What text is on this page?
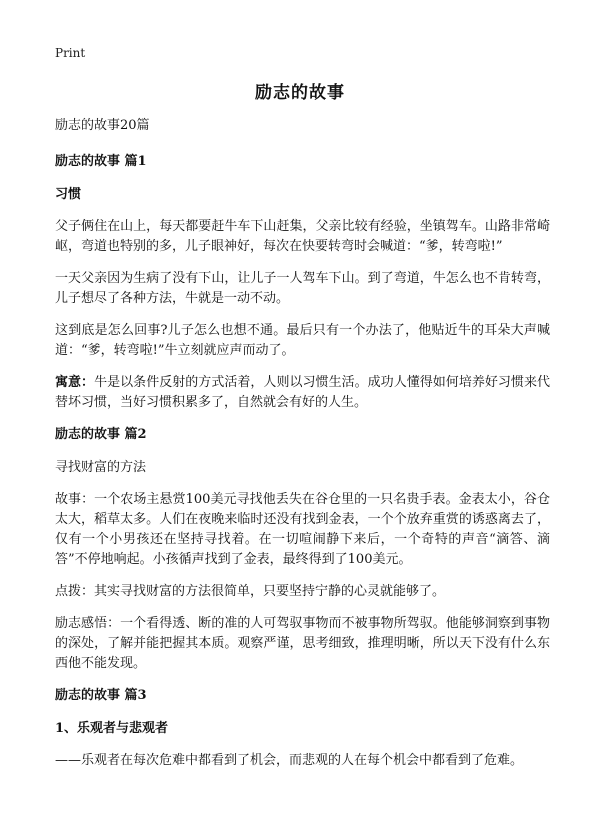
Print
励志的故事

励志的故事20篇

励志的故事 篇1

习惯

父子俩住在山上，每天都要赶牛车下山赶集，父亲比较有经验，坐镇驾车。山路非常崎岖，弯道也特别的多，儿子眼神好，每次在快要转弯时会喊道：“爹，转弯啦!”

一天父亲因为生病了没有下山，让儿子一人驾车下山。到了弯道，牛怎么也不肯转弯，儿子想尽了各种方法，牛就是一动不动。

这到底是怎么回事?儿子怎么也想不通。最后只有一个办法了，他贴近牛的耳朵大声喊道：“爹，转弯啦!”牛立刻就应声而动了。

寓意：牛是以条件反射的方式活着，人则以习惯生活。成功人懂得如何培养好习惯来代替坏习惯，当好习惯积累多了，自然就会有好的人生。

励志的故事 篇2

寻找财富的方法

故事：一个农场主悬赏100美元寻找他丢失在谷仓里的一只名贵手表。金表太小，谷仓太大，稻草太多。人们在夜晚来临时还没有找到金表，一个个放弃重赏的诱惑离去了，仅有一个小男孩还在坚持寻找着。在一切喧闹静下来后，一个奇特的声音“滴答、滴答”不停地响起。小孩循声找到了金表，最终得到了100美元。

点拨：其实寻找财富的方法很简单，只要坚持宁静的心灵就能够了。

励志感悟：一个看得透、断的准的人可驾驭事物而不被事物所驾驭。他能够洞察到事物的深处，了解并能把握其本质。观察严谨，思考细致，推理明晰，所以天下没有什么东西他不能发现。

励志的故事 篇3

1、乐观者与悲观者

——乐观者在每次危难中都看到了机会，而悲观的人在每个机会中都看到了危难。
